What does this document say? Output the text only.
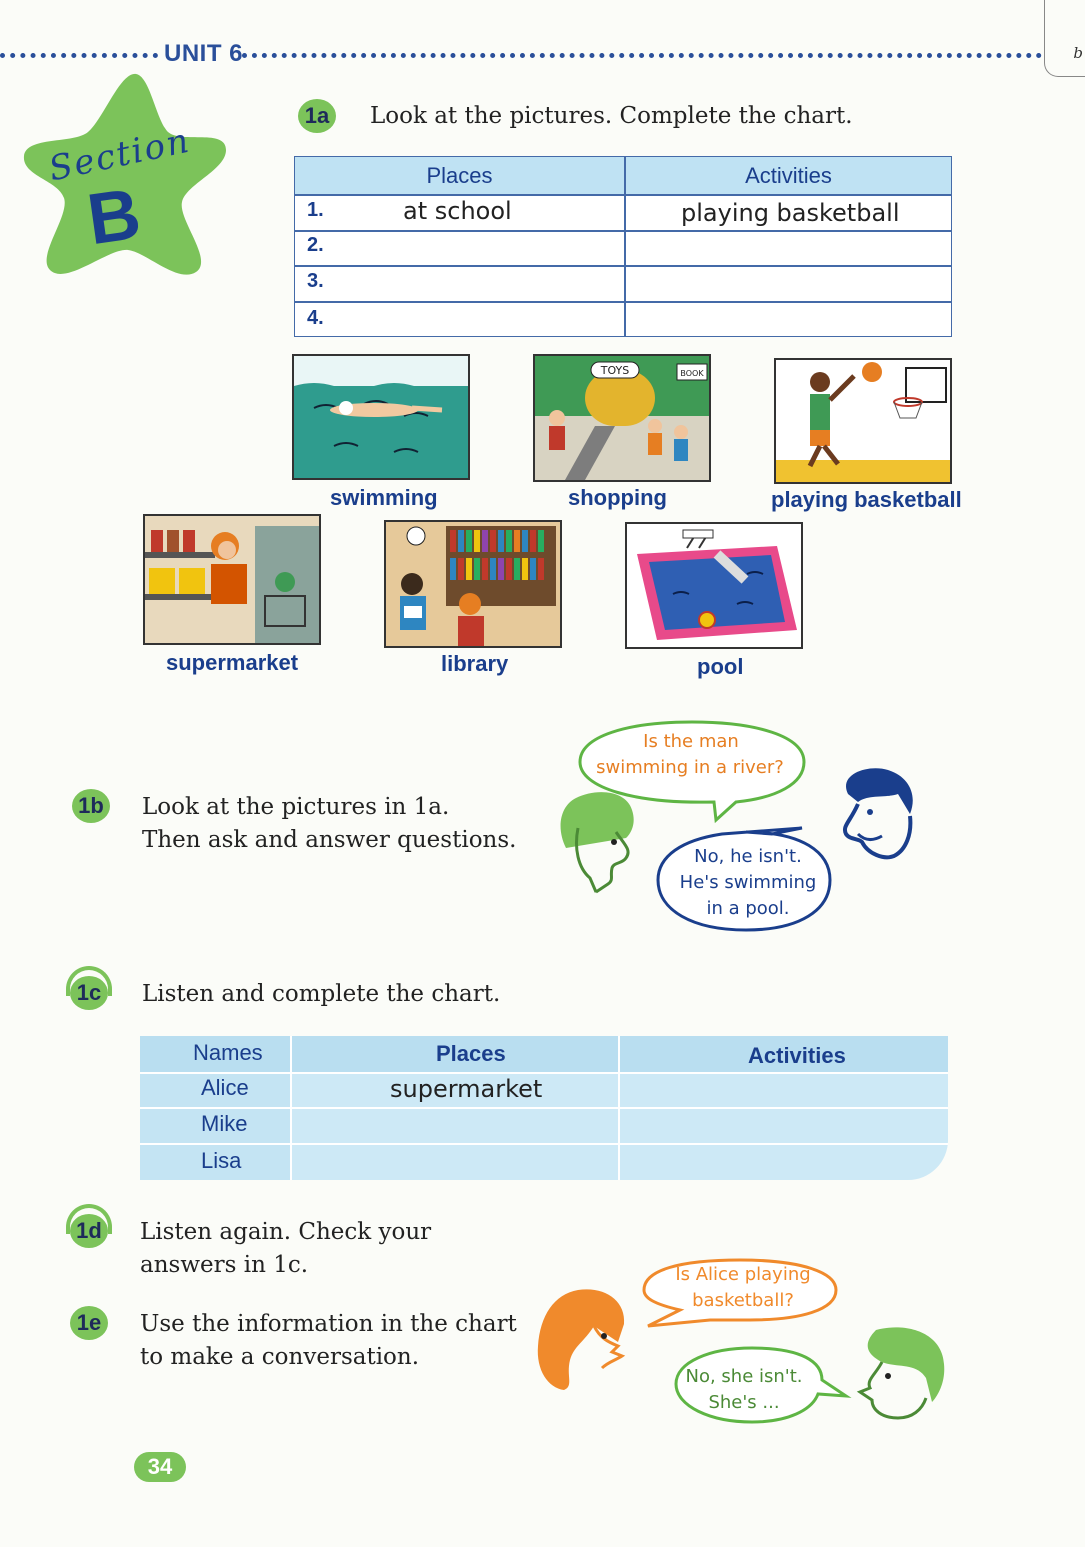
UNIT 6	b
Section
B
1a Look at the pictures. Complete the chart.
Places	Activities
1.	at school	playing basketball
2.
3.
4.
swimming
TOYS	BOOK
shopping	playing basketball
supermarket	library	pool
1b Look at the pictures in 1a.
Then ask and answer questions.
Is the man
swimming in a river?
No, he isn't.
He's swimming
in a pool.
1c Listen and complete the chart.
Names	Places	Activities
Alice	supermarket
Mike
Lisa
1d Listen again. Check your
answers in 1c.
1e Use the information in the chart
to make a conversation.
Is Alice playing
basketball?
No, she isn't.
She's ...
34
